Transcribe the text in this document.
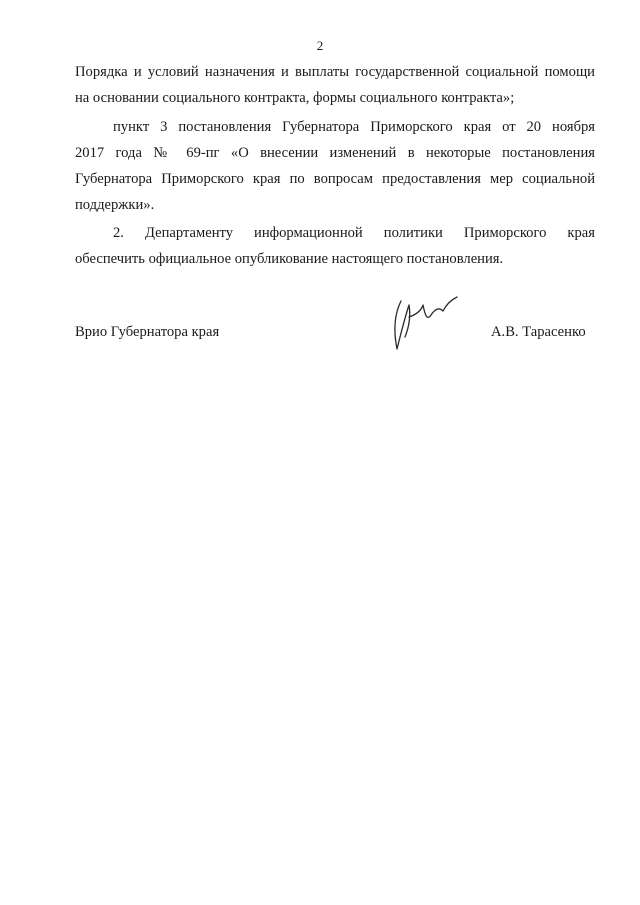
2
Порядка и условий назначения и выплаты государственной социальной помощи
на основании социального контракта, формы социального контракта»;
пункт 3 постановления Губернатора Приморского края от 20 ноября
2017 года № 69-пг «О внесении изменений в некоторые постановления
Губернатора Приморского края по вопросам предоставления мер социальной
поддержки».
2. Департаменту информационной политики Приморского края
обеспечить официальное опубликование настоящего постановления.
Врио Губернатора края	А.В. Тарасенко
